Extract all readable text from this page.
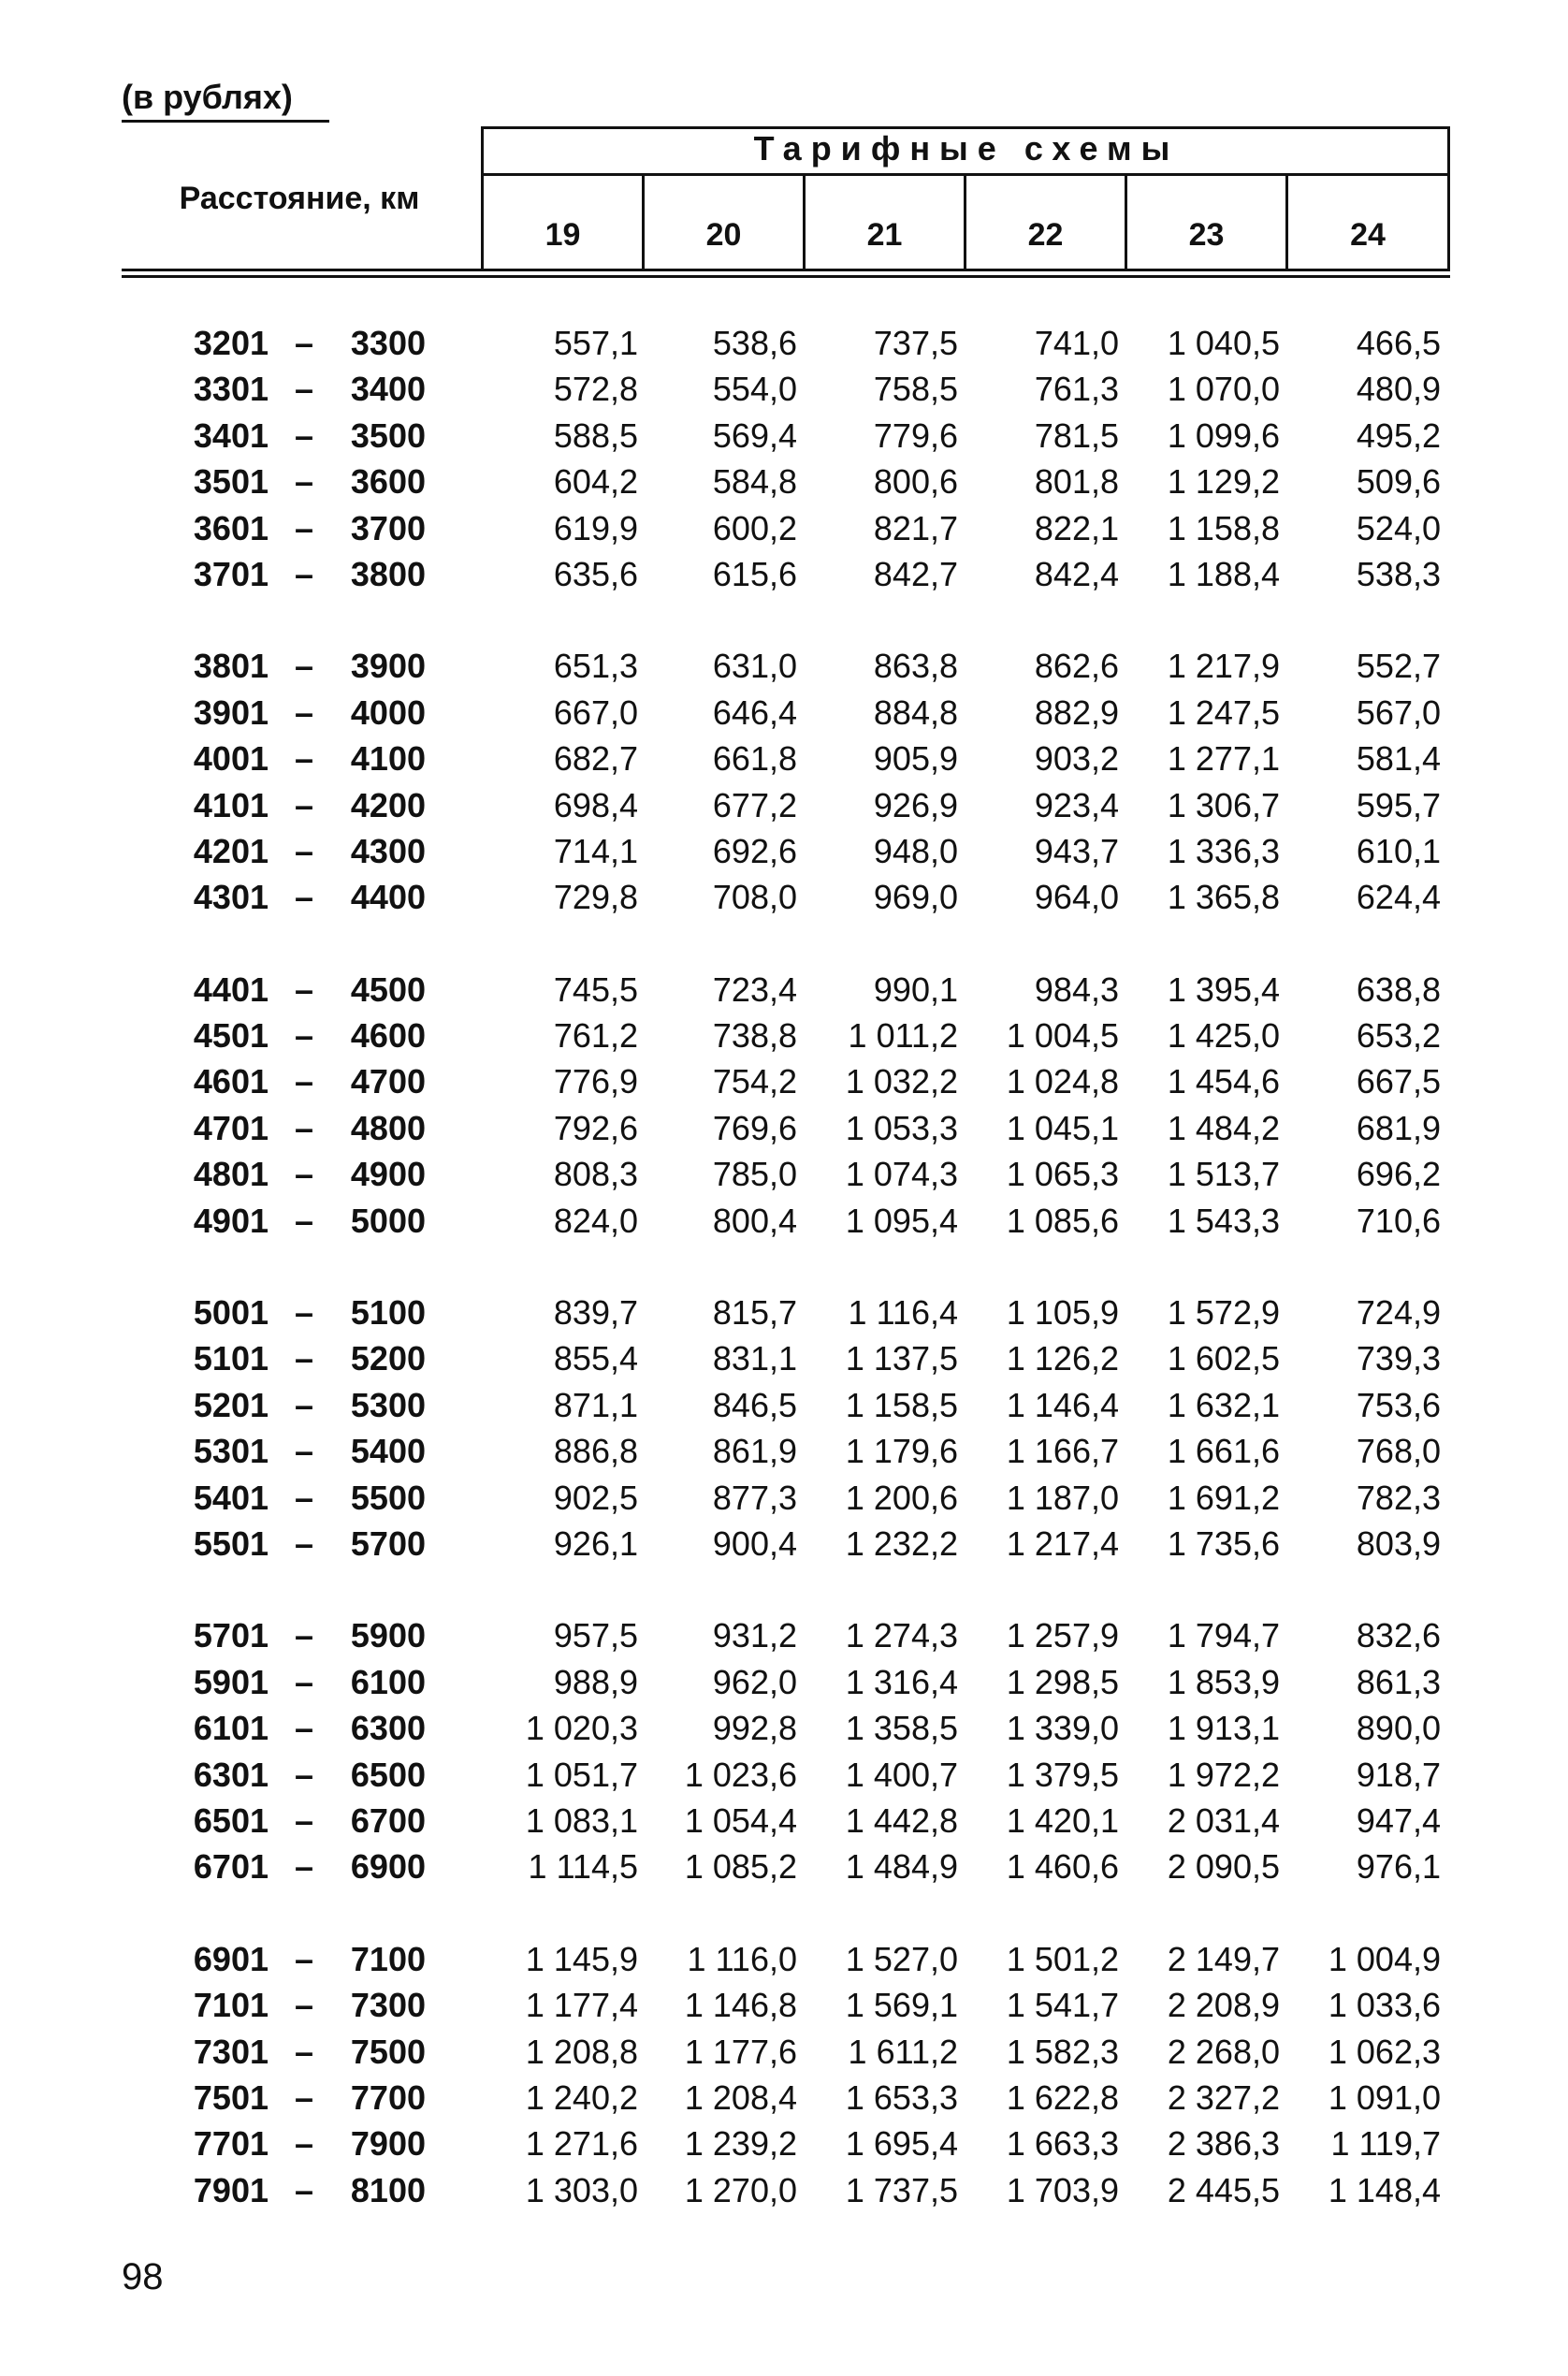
(в рублях)
Расстояние, км
Тарифные схемы
19	20	21	22	23	24
3201 –	3300	557,1	538,6	737,5	741,0	1 040,5	466,5
3301 –	3400	572,8	554,0	758,5	761,3	1 070,0	480,9
3401 –	3500	588,5	569,4	779,6	781,5	1 099,6	495,2
3501 –	3600	604,2	584,8	800,6	801,8	1 129,2	509,6
3601 –	3700	619,9	600,2	821,7	822,1	1 158,8	524,0
3701 –	3800	635,6	615,6	842,7	842,4	1 188,4	538,3
3801 –	3900	651,3	631,0	863,8	862,6	1 217,9	552,7
3901 –	4000	667,0	646,4	884,8	882,9	1 247,5	567,0
4001 –	4100	682,7	661,8	905,9	903,2	1 277,1	581,4
4101 –	4200	698,4	677,2	926,9	923,4	1 306,7	595,7
4201 –	4300	714,1	692,6	948,0	943,7	1 336,3	610,1
4301 –	4400	729,8	708,0	969,0	964,0	1 365,8	624,4
4401 –	4500	745,5	723,4	990,1	984,3	1 395,4	638,8
4501 –	4600	761,2	738,8	1 011,2	1 004,5	1 425,0	653,2
4601 –	4700	776,9	754,2	1 032,2	1 024,8	1 454,6	667,5
4701 –	4800	792,6	769,6	1 053,3	1 045,1	1 484,2	681,9
4801 –	4900	808,3	785,0	1 074,3	1 065,3	1 513,7	696,2
4901 –	5000	824,0	800,4	1 095,4	1 085,6	1 543,3	710,6
5001 –	5100	839,7	815,7	1 116,4	1 105,9	1 572,9	724,9
5101 –	5200	855,4	831,1	1 137,5	1 126,2	1 602,5	739,3
5201 –	5300	871,1	846,5	1 158,5	1 146,4	1 632,1	753,6
5301 –	5400	886,8	861,9	1 179,6	1 166,7	1 661,6	768,0
5401 –	5500	902,5	877,3	1 200,6	1 187,0	1 691,2	782,3
5501 –	5700	926,1	900,4	1 232,2	1 217,4	1 735,6	803,9
5701 –	5900	957,5	931,2	1 274,3	1 257,9	1 794,7	832,6
5901 –	6100	988,9	962,0	1 316,4	1 298,5	1 853,9	861,3
6101 –	6300	1 020,3	992,8	1 358,5	1 339,0	1 913,1	890,0
6301 –	6500	1 051,7	1 023,6	1 400,7	1 379,5	1 972,2	918,7
6501 –	6700	1 083,1	1 054,4	1 442,8	1 420,1	2 031,4	947,4
6701 –	6900	1 114,5	1 085,2	1 484,9	1 460,6	2 090,5	976,1
6901 –	7100	1 145,9	1 116,0	1 527,0	1 501,2	2 149,7	1 004,9
7101 –	7300	1 177,4	1 146,8	1 569,1	1 541,7	2 208,9	1 033,6
7301 –	7500	1 208,8	1 177,6	1 611,2	1 582,3	2 268,0	1 062,3
7501 –	7700	1 240,2	1 208,4	1 653,3	1 622,8	2 327,2	1 091,0
7701 –	7900	1 271,6	1 239,2	1 695,4	1 663,3	2 386,3	1 119,7
7901 –	8100	1 303,0	1 270,0	1 737,5	1 703,9	2 445,5	1 148,4
98
